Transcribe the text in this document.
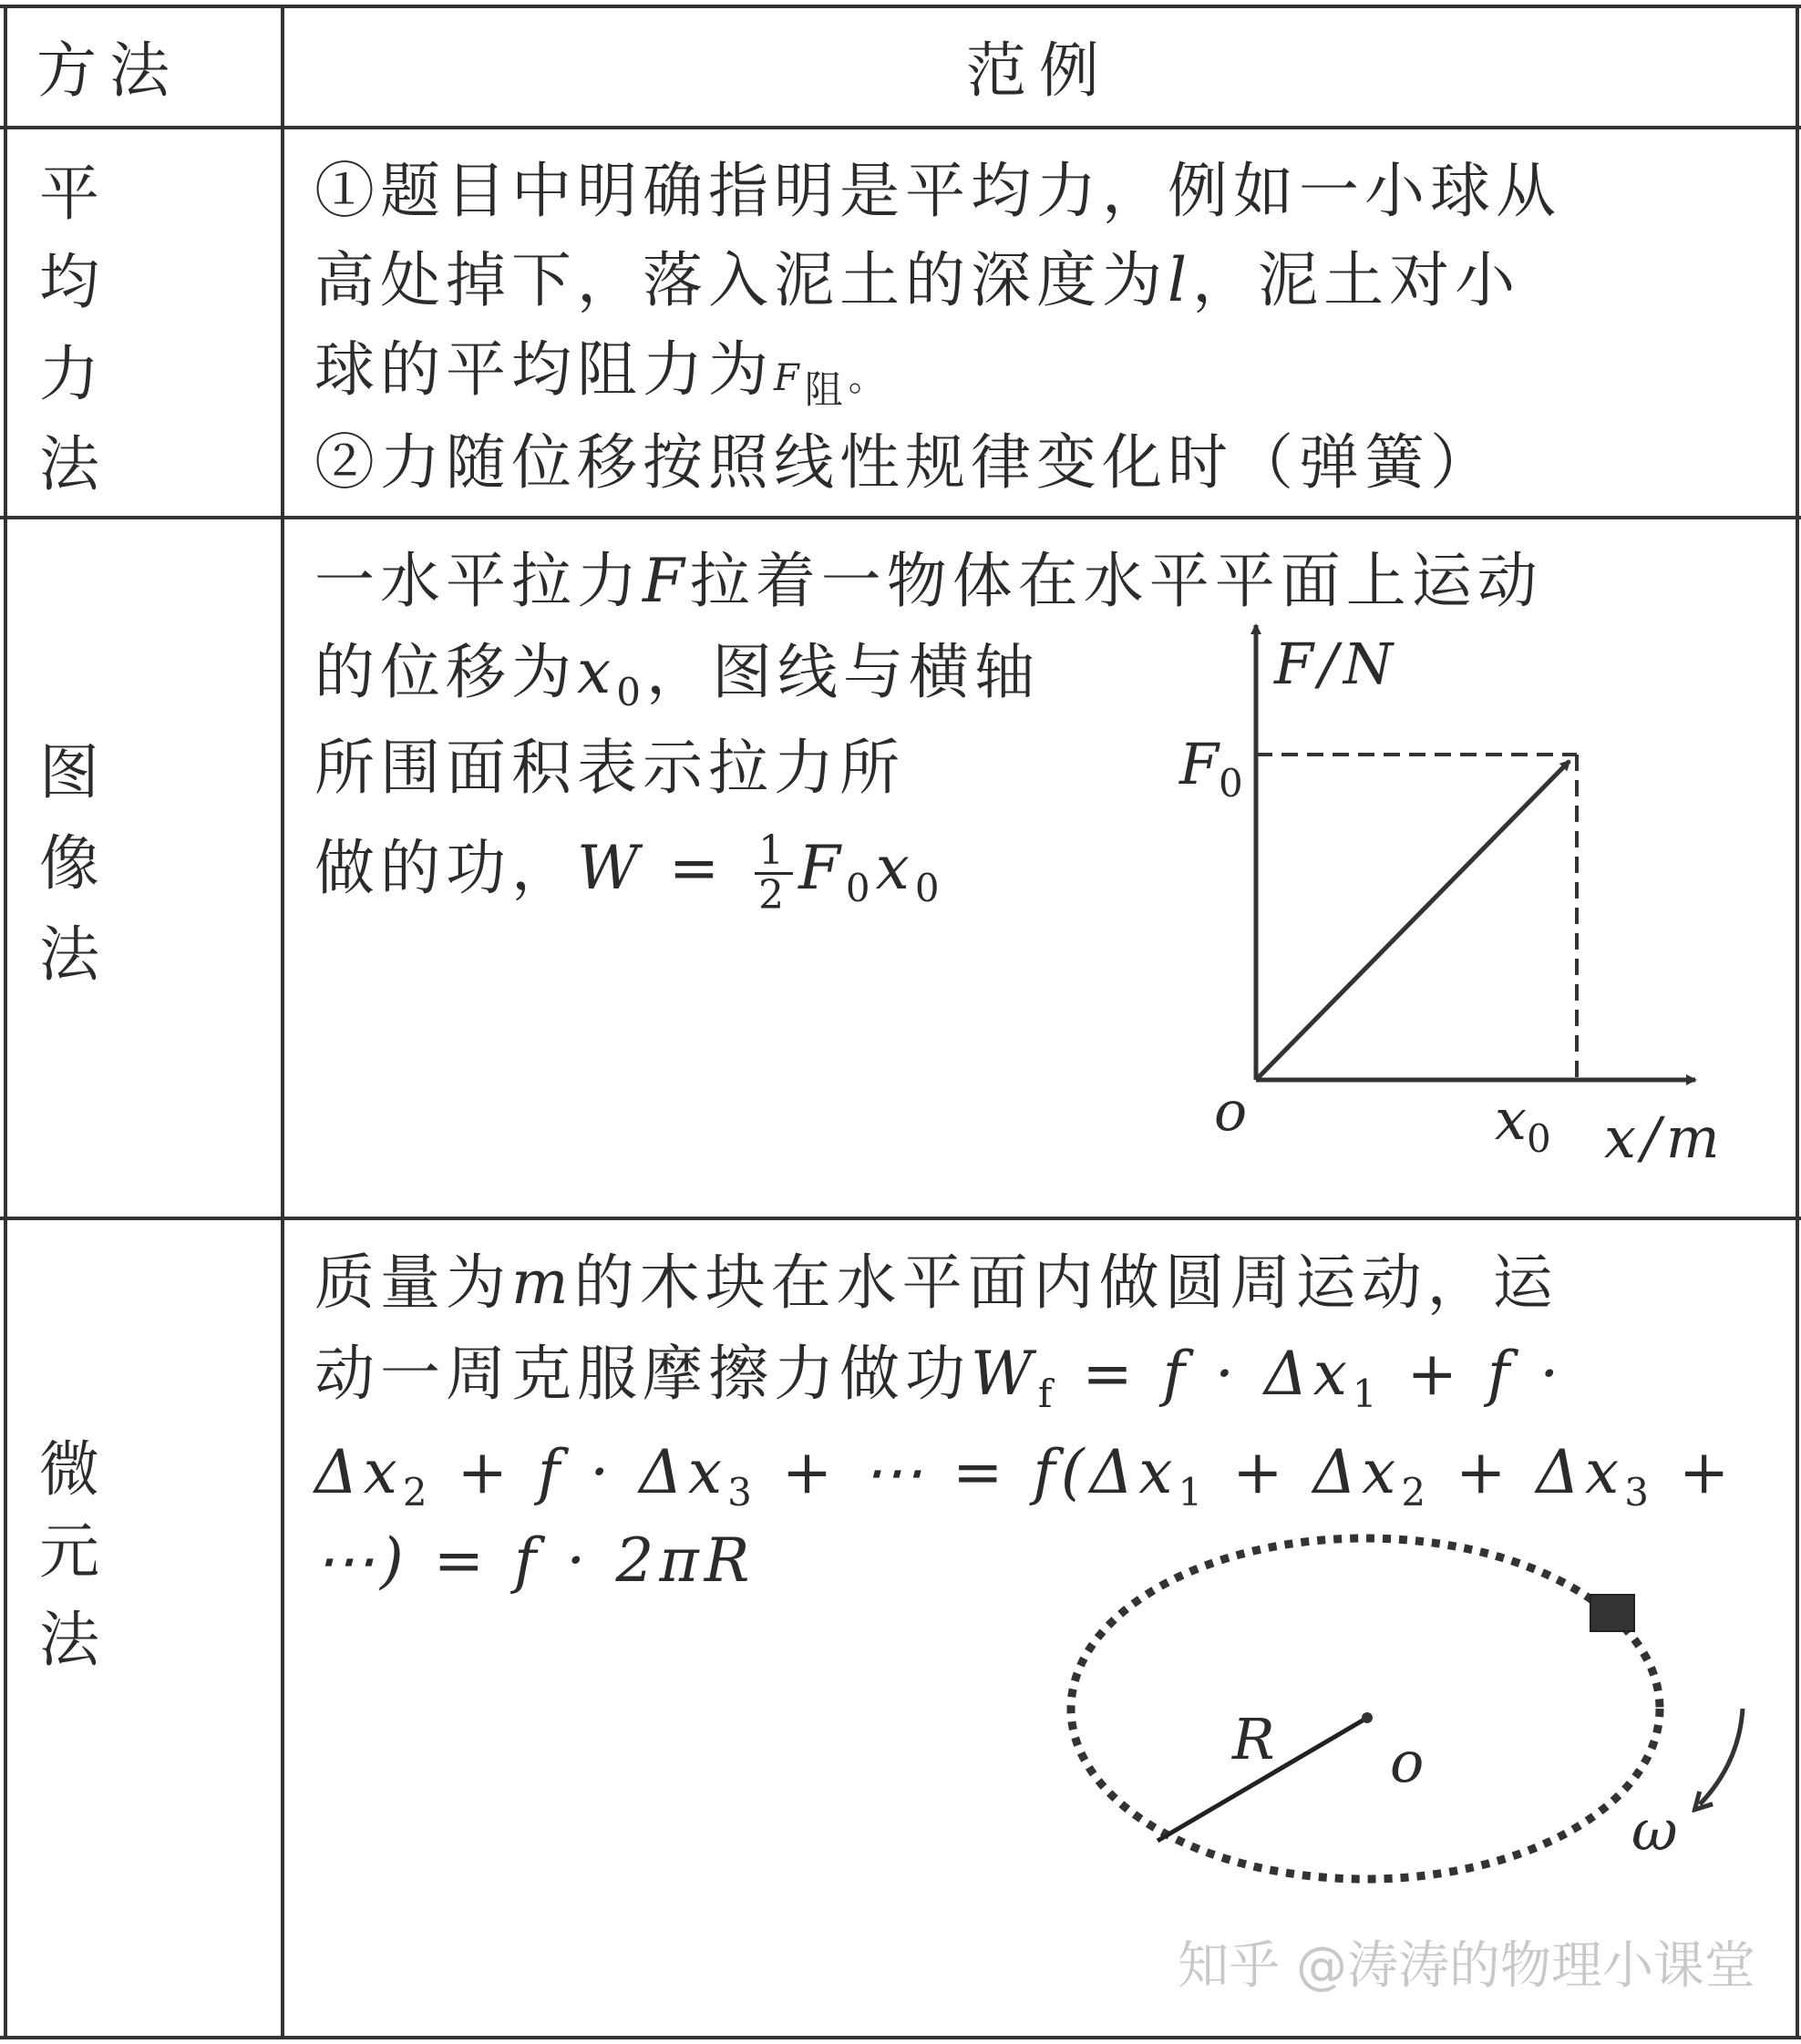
方法	范例
平
均
力
法
①题目中明确指明是平均力，例如一小球从
高处掉下，落入泥土的深度为l，泥土对小
球的平均阻力为$F_阻$。
②力随位移按照线性规律变化时（弹簧）
图
像
法
一水平拉力F拉着一物体在水平平面上运动
的位移为$x_0$，图线与横轴
所围面积表示拉力所
做的功，$W = \frac{1}{2} F_0x_0$
F/N
$F_0$
o	$x_0$ x/m
微
元
法
质量为m的木块在水平面内做圆周运动，运
动一周克服摩擦力做功$W_f = f \cdot \Delta x_1 + f$ ·
$\Delta x_2 + f \cdot \Delta x_3$ + ⋯ = $f(\Delta x_1 + \Delta x_2 + \Delta x_3$ +
⋯) = f · 2πR
R o
ω
知乎 @涛涛的物理小课堂
